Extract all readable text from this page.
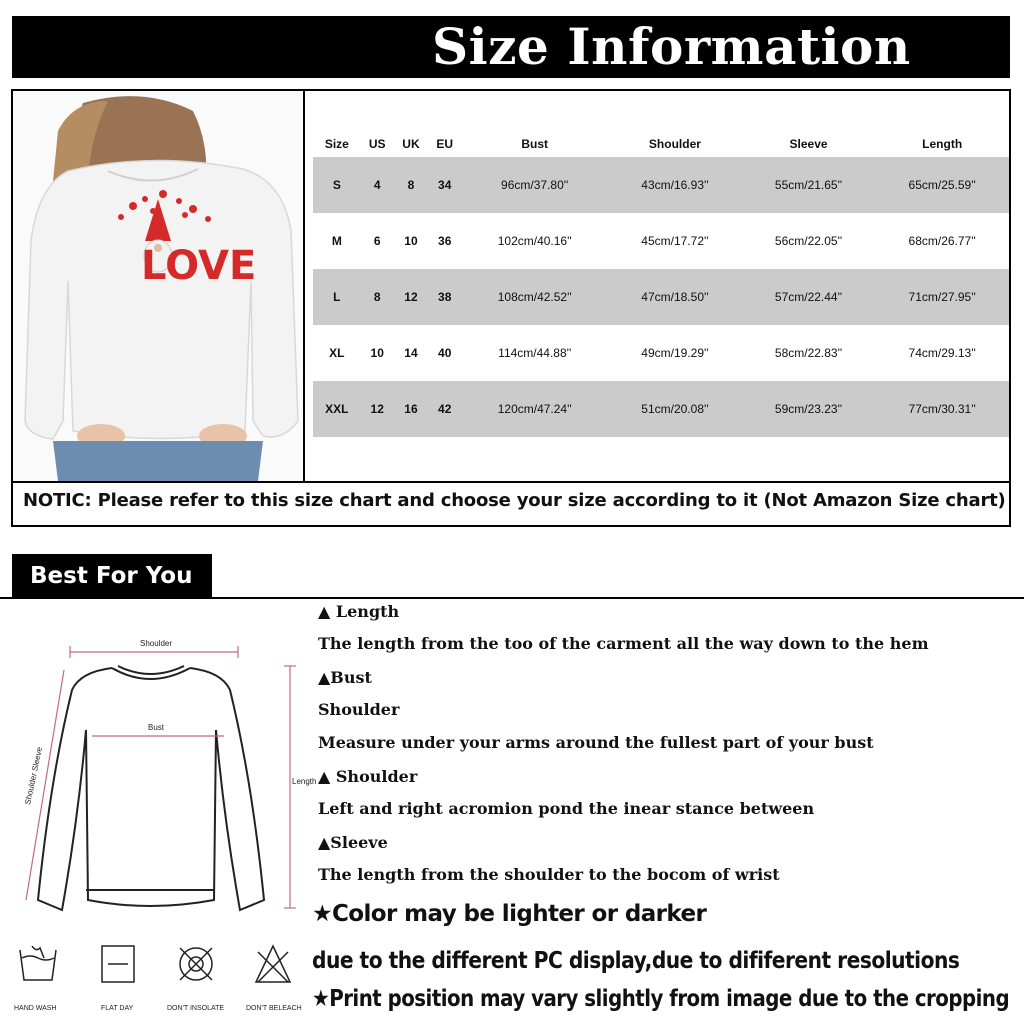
Size Information
LOVE
Size	US	UK	EU	Bust	Shoulder	Sleeve	Length
S	4	8	34	96cm/37.80''	43cm/16.93''	55cm/21.65''	65cm/25.59''
M	6	10	36	102cm/40.16''	45cm/17.72''	56cm/22.05''	68cm/26.77''
L	8	12	38	108cm/42.52''	47cm/18.50''	57cm/22.44''	71cm/27.95''
XL	10	14	40	114cm/44.88''	49cm/19.29''	58cm/22.83''	74cm/29.13''
XXL	12	16	42	120cm/47.24''	51cm/20.08''	59cm/23.23''	77cm/30.31''
NOTIC: Please refer to this size chart and choose your size according to it (Not Amazon Size chart)
Best For You
Shoulder
Bust
Length
Shoulder Sleeve
HAND WASH	FLAT DAY	DON'T INSOLATE	DON'T BELEACH
▲ Length
The length from the too of the carment all the way down to the hem
▲Bust
Shoulder
Measure under your arms around the fullest part of your bust
▲ Shoulder
Left and right acromion pond the inear stance between
▲Sleeve
The length from the shoulder to the bocom of wrist
★Color may be lighter or darker
due to the different PC display,due to dififerent resolutions
★Print position may vary slightly from image due to the cropping
